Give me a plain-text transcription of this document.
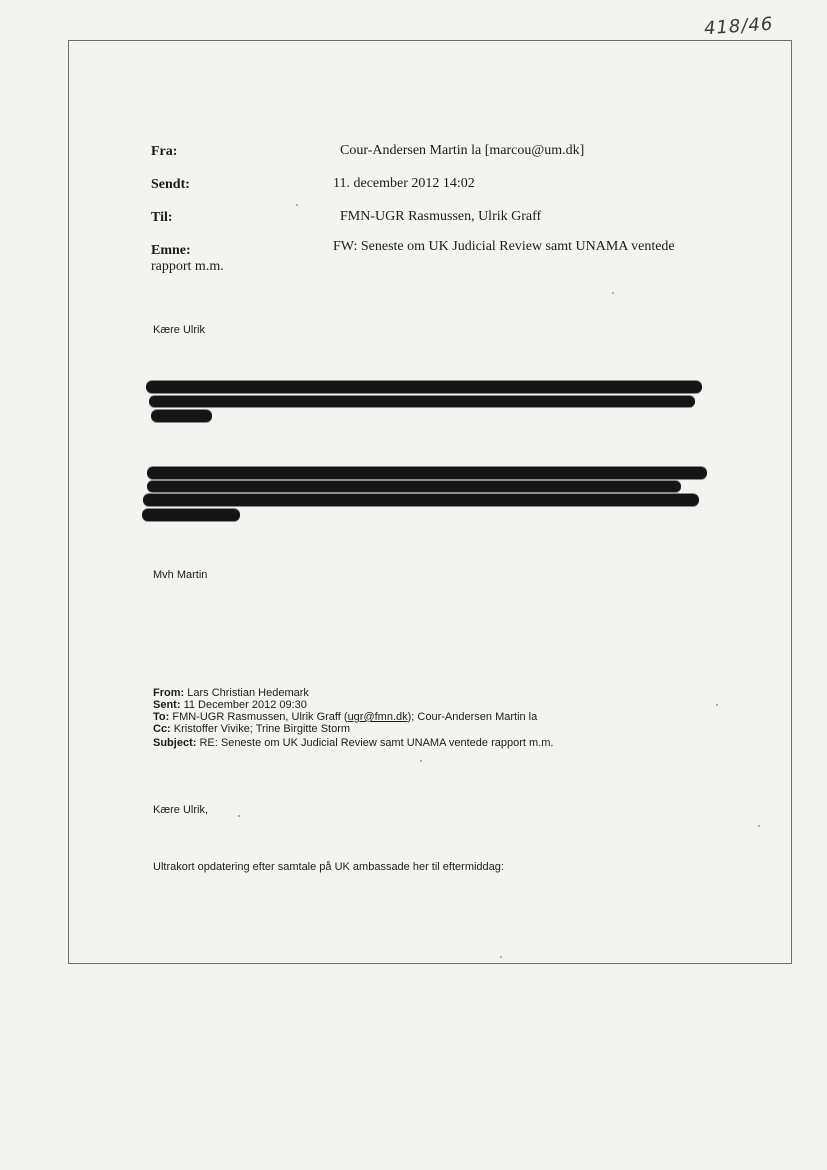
418/46
Fra:	Cour-Andersen Martin la [marcou@um.dk]
Sendt:	11. december 2012 14:02
Til:	FMN-UGR Rasmussen, Ulrik Graff
Emne:	FW: Seneste om UK Judicial Review samt UNAMA ventede
rapport m.m.
Kære Ulrik
Mvh Martin
From: Lars Christian Hedemark
Sent: 11 December 2012 09:30
To: FMN-UGR Rasmussen, Ulrik Graff (ugr@fmn.dk); Cour-Andersen Martin la
Cc: Kristoffer Vivike; Trine Birgitte Storm
Subject: RE: Seneste om UK Judicial Review samt UNAMA ventede rapport m.m.
Kære Ulrik,
Ultrakort opdatering efter samtale på UK ambassade her til eftermiddag:
